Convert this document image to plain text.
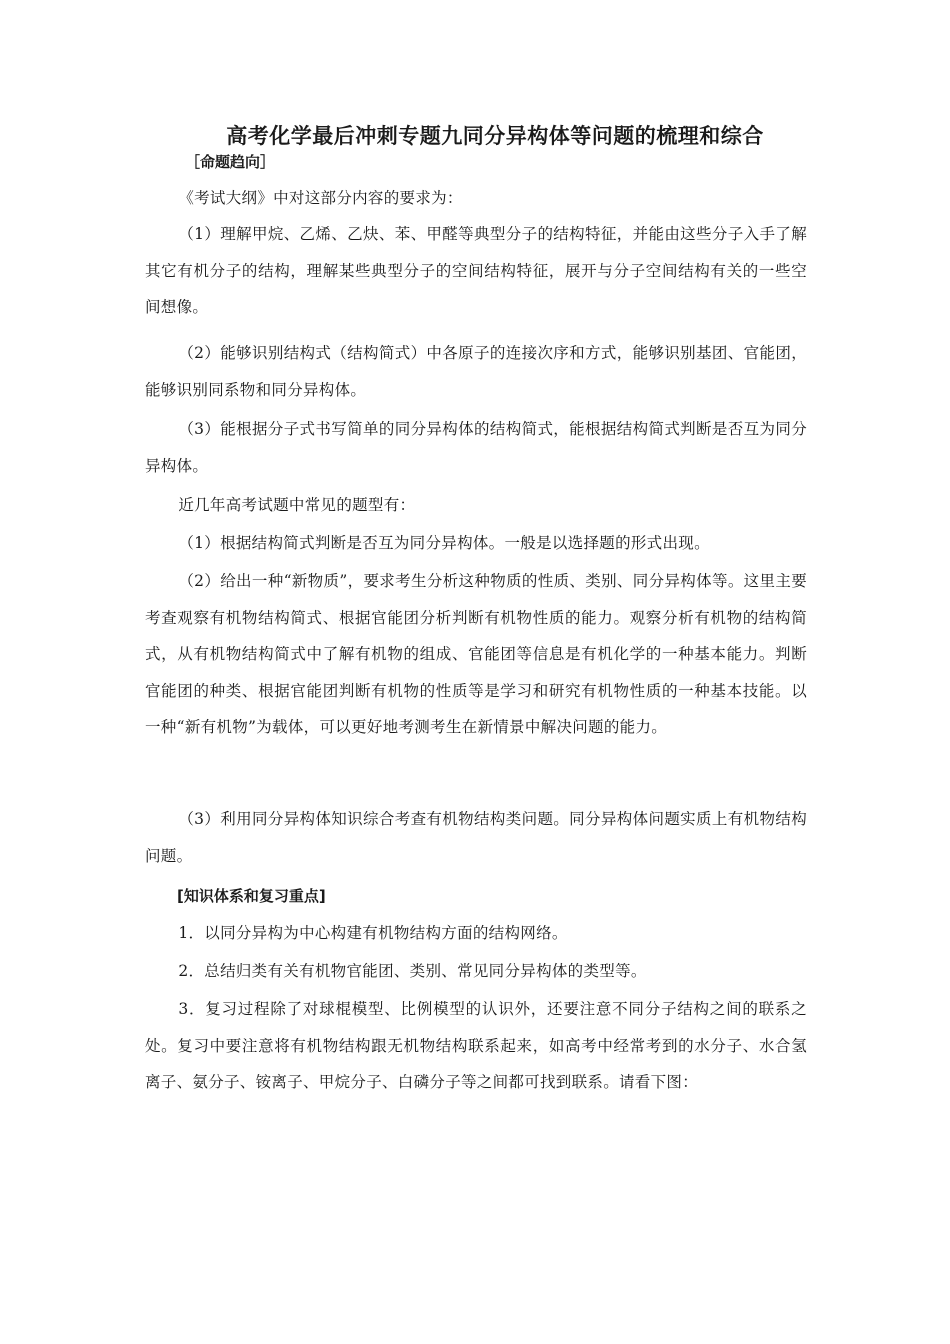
高考化学最后冲刺专题九同分异构体等问题的梳理和综合
［命题趋向］
《考试大纲》中对这部分内容的要求为：
（1）理解甲烷、乙烯、乙炔、苯、甲醛等典型分子的结构特征，并能由这些分子入手了解其它有机分子的结构，理解某些典型分子的空间结构特征，展开与分子空间结构有关的一些空间想像。
（2）能够识别结构式（结构简式）中各原子的连接次序和方式，能够识别基团、官能团，能够识别同系物和同分异构体。
（3）能根据分子式书写简单的同分异构体的结构简式，能根据结构简式判断是否互为同分异构体。
近几年高考试题中常见的题型有：
（1）根据结构简式判断是否互为同分异构体。一般是以选择题的形式出现。
（2）给出一种“新物质”，要求考生分析这种物质的性质、类别、同分异构体等。这里主要考查观察有机物结构简式、根据官能团分析判断有机物性质的能力。观察分析有机物的结构简式，从有机物结构简式中了解有机物的组成、官能团等信息是有机化学的一种基本能力。判断官能团的种类、根据官能团判断有机物的性质等是学习和研究有机物性质的一种基本技能。以一种“新有机物”为载体，可以更好地考测考生在新情景中解决问题的能力。
（3）利用同分异构体知识综合考查有机物结构类问题。同分异构体问题实质上有机物结构问题。
[知识体系和复习重点]
1．以同分异构为中心构建有机物结构方面的结构网络。
2．总结归类有关有机物官能团、类别、常见同分异构体的类型等。
3．复习过程除了对球棍模型、比例模型的认识外，还要注意不同分子结构之间的联系之处。复习中要注意将有机物结构跟无机物结构联系起来，如高考中经常考到的水分子、水合氢离子、氨分子、铵离子、甲烷分子、白磷分子等之间都可找到联系。请看下图：
